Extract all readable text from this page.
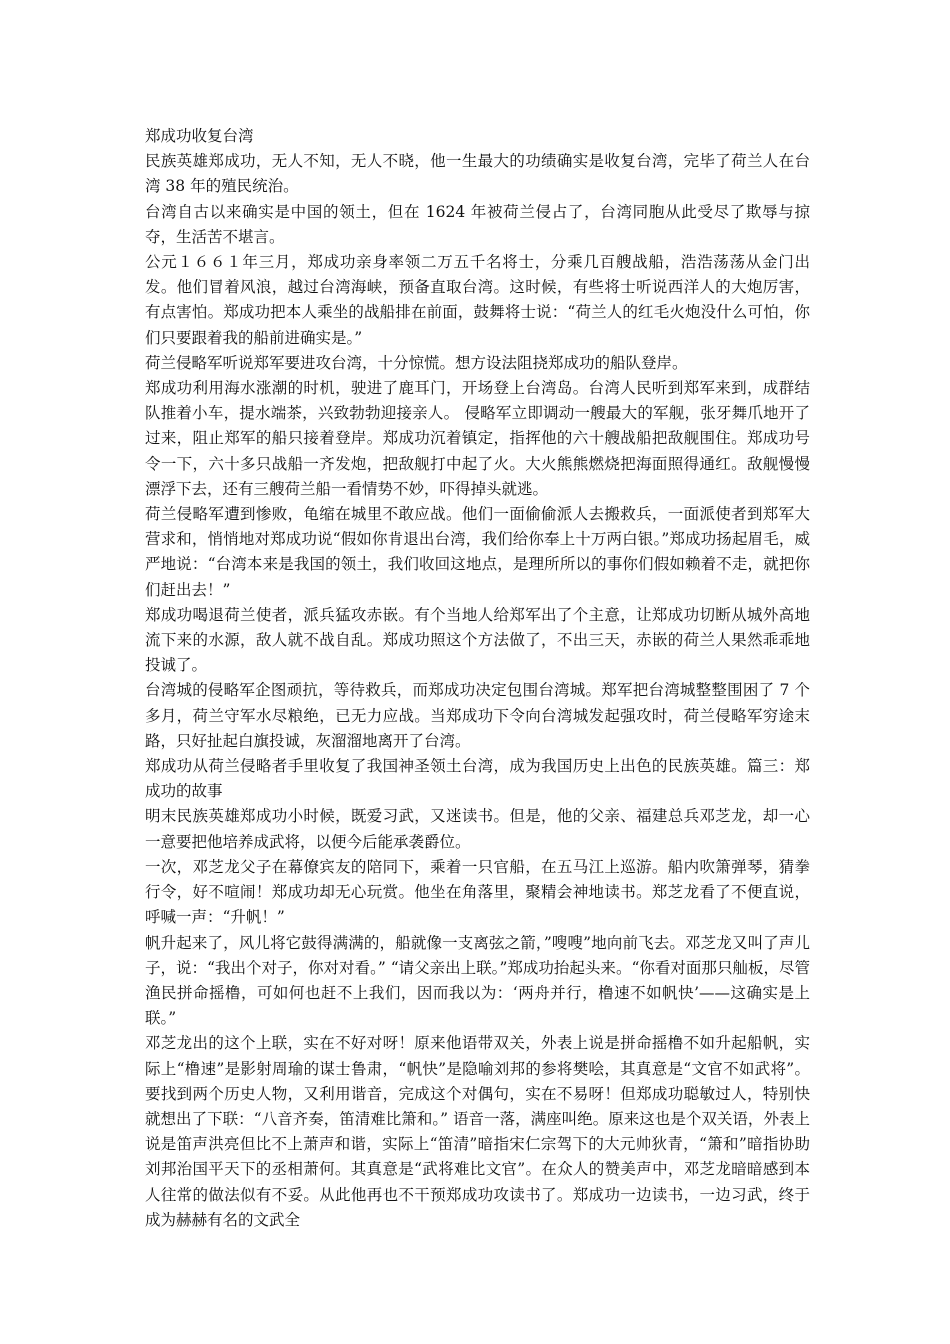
郑成功收复台湾

民族英雄郑成功，无人不知，无人不晓，他一生最大的功绩确实是收复台湾，完毕了荷兰人在台湾 38 年的殖民统治。

台湾自古以来确实是中国的领土，但在 1624 年被荷兰侵占了，台湾同胞从此受尽了欺辱与掠夺，生活苦不堪言。

公元１６６１年三月，郑成功亲身率领二万五千名将士，分乘几百艘战船，浩浩荡荡从金门出发。他们冒着风浪，越过台湾海峡，预备直取台湾。这时候，有些将士听说西洋人的大炮厉害，有点害怕。郑成功把本人乘坐的战船排在前面，鼓舞将士说：“荷兰人的红毛火炮没什么可怕，你们只要跟着我的船前进确实是。”

荷兰侵略军听说郑军要进攻台湾，十分惊慌。想方设法阻挠郑成功的船队登岸。

郑成功利用海水涨潮的时机，驶进了鹿耳门，开场登上台湾岛。台湾人民听到郑军来到，成群结队推着小车，提水端茶，兴致勃勃迎接亲人。 侵略军立即调动一艘最大的军舰，张牙舞爪地开了过来，阻止郑军的船只接着登岸。郑成功沉着镇定，指挥他的六十艘战船把敌舰围住。郑成功号令一下，六十多只战船一齐发炮，把敌舰打中起了火。大火熊熊燃烧把海面照得通红。敌舰慢慢漂浮下去，还有三艘荷兰船一看情势不妙，吓得掉头就逃。

荷兰侵略军遭到惨败，龟缩在城里不敢应战。他们一面偷偷派人去搬救兵，一面派使者到郑军大营求和，悄悄地对郑成功说“假如你肯退出台湾，我们给你奉上十万两白银。”郑成功扬起眉毛，威严地说：“台湾本来是我国的领土，我们收回这地点，是理所所以的事你们假如赖着不走，就把你们赶出去！”

郑成功喝退荷兰使者，派兵猛攻赤嵌。有个当地人给郑军出了个主意，让郑成功切断从城外高地流下来的水源，敌人就不战自乱。郑成功照这个方法做了，不出三天，赤嵌的荷兰人果然乖乖地投诚了。

台湾城的侵略军企图顽抗，等待救兵，而郑成功决定包围台湾城。郑军把台湾城整整围困了 7 个多月，荷兰守军水尽粮绝，已无力应战。当郑成功下令向台湾城发起强攻时，荷兰侵略军穷途末路，只好扯起白旗投诚，灰溜溜地离开了台湾。

郑成功从荷兰侵略者手里收复了我国神圣领土台湾，成为我国历史上出色的民族英雄。篇三：郑成功的故事

明末民族英雄郑成功小时候，既爱习武，又迷读书。但是，他的父亲、福建总兵邓芝龙，却一心一意要把他培养成武将，以便今后能承袭爵位。

一次，邓芝龙父子在幕僚宾友的陪同下，乘着一只官船，在五马江上巡游。船内吹箫弹琴，猜拳行令，好不喧闹！郑成功却无心玩赏。他坐在角落里，聚精会神地读书。郑芝龙看了不便直说，呼喊一声：“升帆！”

帆升起来了，风儿将它鼓得满满的，船就像一支离弦之箭，”嗖嗖”地向前飞去。邓芝龙又叫了声儿子，说：“我出个对子，你对对看。” “请父亲出上联。”郑成功抬起头来。“你看对面那只舢板，尽管渔民拼命摇橹，可如何也赶不上我们，因而我以为：‘两舟并行，橹速不如帆快’——这确实是上联。”

邓芝龙出的这个上联，实在不好对呀！原来他语带双关，外表上说是拼命摇橹不如升起船帆，实际上“橹速”是影射周瑜的谋士鲁肃，“帆快”是隐喻刘邦的参将樊哙，其真意是“文官不如武将”。要找到两个历史人物，又利用谐音，完成这个对偶句，实在不易呀！但郑成功聪敏过人，特别快就想出了下联：“八音齐奏，笛清难比箫和。” 语音一落，满座叫绝。原来这也是个双关语，外表上说是笛声洪亮但比不上萧声和谐，实际上“笛清”暗指宋仁宗驾下的大元帅狄青，“箫和”暗指协助刘邦治国平天下的丞相萧何。其真意是“武将难比文官”。在众人的赞美声中，邓芝龙暗暗感到本人往常的做法似有不妥。从此他再也不干预郑成功攻读书了。郑成功一边读书，一边习武，终于成为赫赫有名的文武全
